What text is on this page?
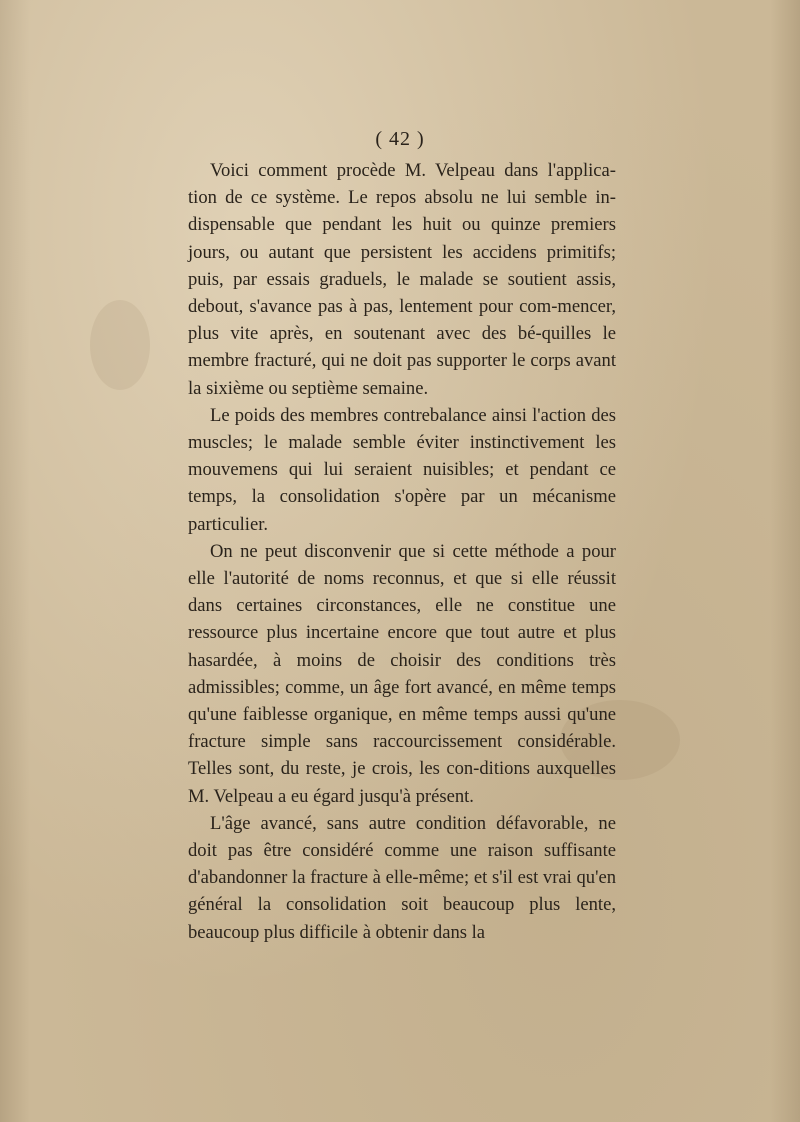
( 42 )

Voici comment procède M. Velpeau dans l'applica-tion de ce système. Le repos absolu ne lui semble in-dispensable que pendant les huit ou quinze premiers jours, ou autant que persistent les accidens primitifs; puis, par essais graduels, le malade se soutient assis, debout, s'avance pas à pas, lentement pour com-mencer, plus vite après, en soutenant avec des bé-quilles le membre fracturé, qui ne doit pas supporter le corps avant la sixième ou septième semaine.

Le poids des membres contrebalance ainsi l'action des muscles; le malade semble éviter instinctivement les mouvemens qui lui seraient nuisibles; et pendant ce temps, la consolidation s'opère par un mécanisme particulier.

On ne peut disconvenir que si cette méthode a pour elle l'autorité de noms reconnus, et que si elle réussit dans certaines circonstances, elle ne constitue une ressource plus incertaine encore que tout autre et plus hasardée, à moins de choisir des conditions très admissibles; comme, un âge fort avancé, en même temps qu'une faiblesse organique, en même temps aussi qu'une fracture simple sans raccourcissement considérable. Telles sont, du reste, je crois, les con-ditions auxquelles M. Velpeau a eu égard jusqu'à présent.

L'âge avancé, sans autre condition défavorable, ne doit pas être considéré comme une raison suffisante d'abandonner la fracture à elle-même; et s'il est vrai qu'en général la consolidation soit beaucoup plus lente, beaucoup plus difficile à obtenir dans la
